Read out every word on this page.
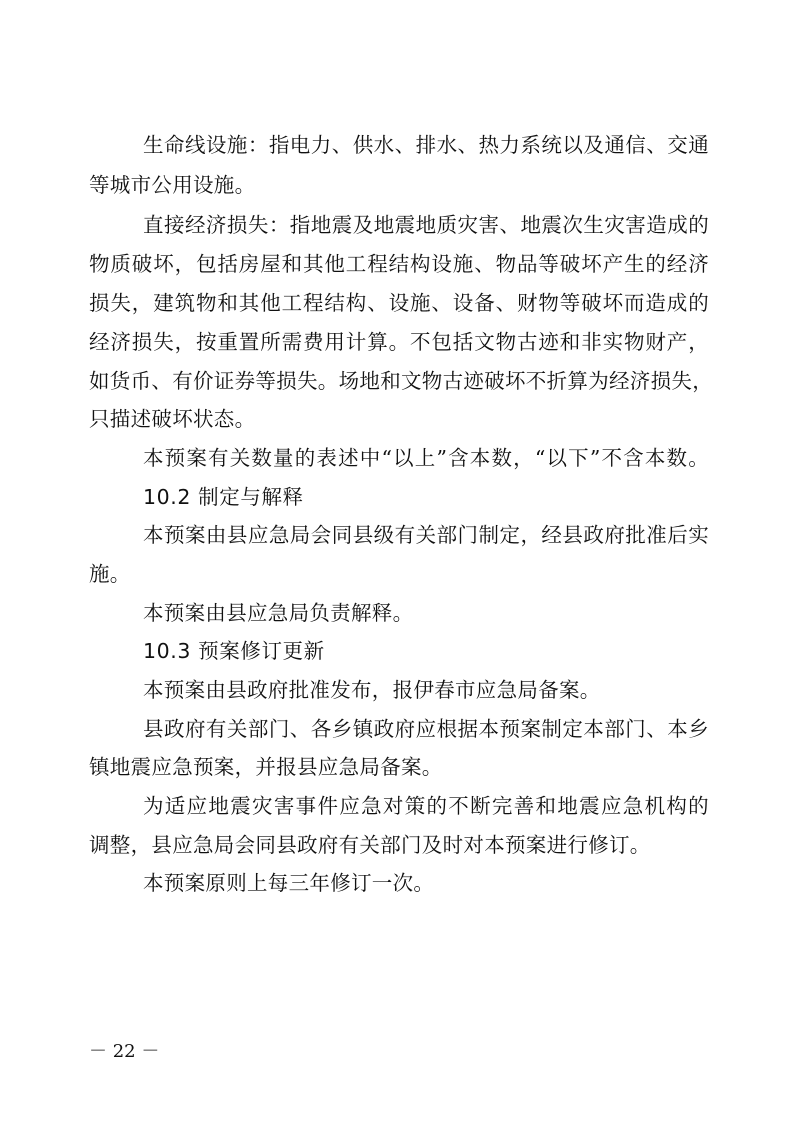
生命线设施：指电力、供水、排水、热力系统以及通信、交通
等城市公用设施。
直接经济损失：指地震及地震地质灾害、地震次生灾害造成的
物质破坏，包括房屋和其他工程结构设施、物品等破坏产生的经济
损失，建筑物和其他工程结构、设施、设备、财物等破坏而造成的
经济损失，按重置所需费用计算。不包括文物古迹和非实物财产，
如货币、有价证券等损失。场地和文物古迹破坏不折算为经济损失，
只描述破坏状态。
本预案有关数量的表述中“以上”含本数，“以下”不含本数。
10.2 制定与解释
本预案由县应急局会同县级有关部门制定，经县政府批准后实
施。
本预案由县应急局负责解释。
10.3 预案修订更新
本预案由县政府批准发布，报伊春市应急局备案。
县政府有关部门、各乡镇政府应根据本预案制定本部门、本乡
镇地震应急预案，并报县应急局备案。
为适应地震灾害事件应急对策的不断完善和地震应急机构的
调整，县应急局会同县政府有关部门及时对本预案进行修订。
本预案原则上每三年修订一次。
－ 22 －
